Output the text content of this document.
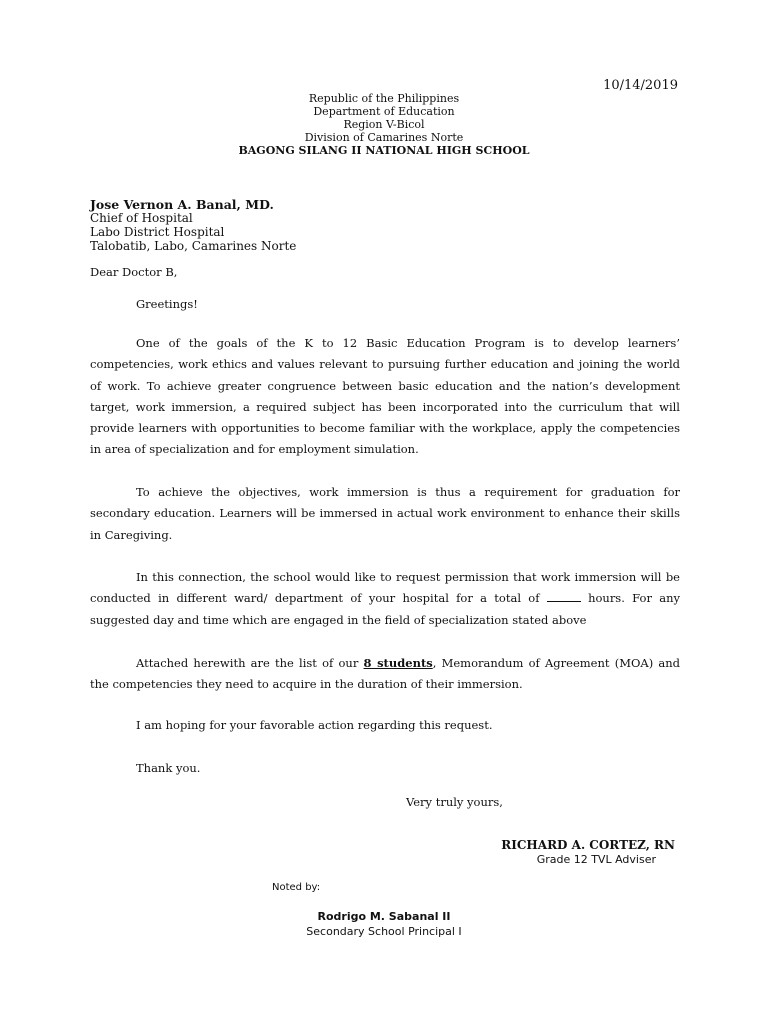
10/14/2019
Republic of the Philippines
Department of Education
Region V-Bicol
Division of Camarines Norte
BAGONG SILANG II NATIONAL HIGH SCHOOL
Jose Vernon A. Banal, MD.
Chief of Hospital
Labo District Hospital
Talobatib, Labo, Camarines Norte
Dear Doctor B,
Greetings!
One of the goals of the K to 12 Basic Education Program is to develop learners’ competencies, work ethics and values relevant to pursuing further education and joining the world of work. To achieve greater congruence between basic education and the nation’s development target, work immersion, a required subject has been incorporated into the curriculum that will provide learners with opportunities to become familiar with the workplace, apply the competencies in area of specialization and for employment simulation.
To achieve the objectives, work immersion is thus a requirement for graduation for secondary education. Learners will be immersed in actual work environment to enhance their skills in Caregiving.
In this connection, the school would like to request permission that work immersion will be conducted in different ward/ department of your hospital for a total of	hours. For any suggested day and time which are engaged in the field of specialization stated above
Attached herewith are the list of our 8 students, Memorandum of Agreement (MOA) and the competencies they need to acquire in the duration of their immersion.
I am hoping for your favorable action regarding this request.
Thank you.
Very truly yours,
RICHARD A. CORTEZ, RN
Grade 12 TVL Adviser
Noted by:
Rodrigo M. Sabanal II
Secondary School Principal I
